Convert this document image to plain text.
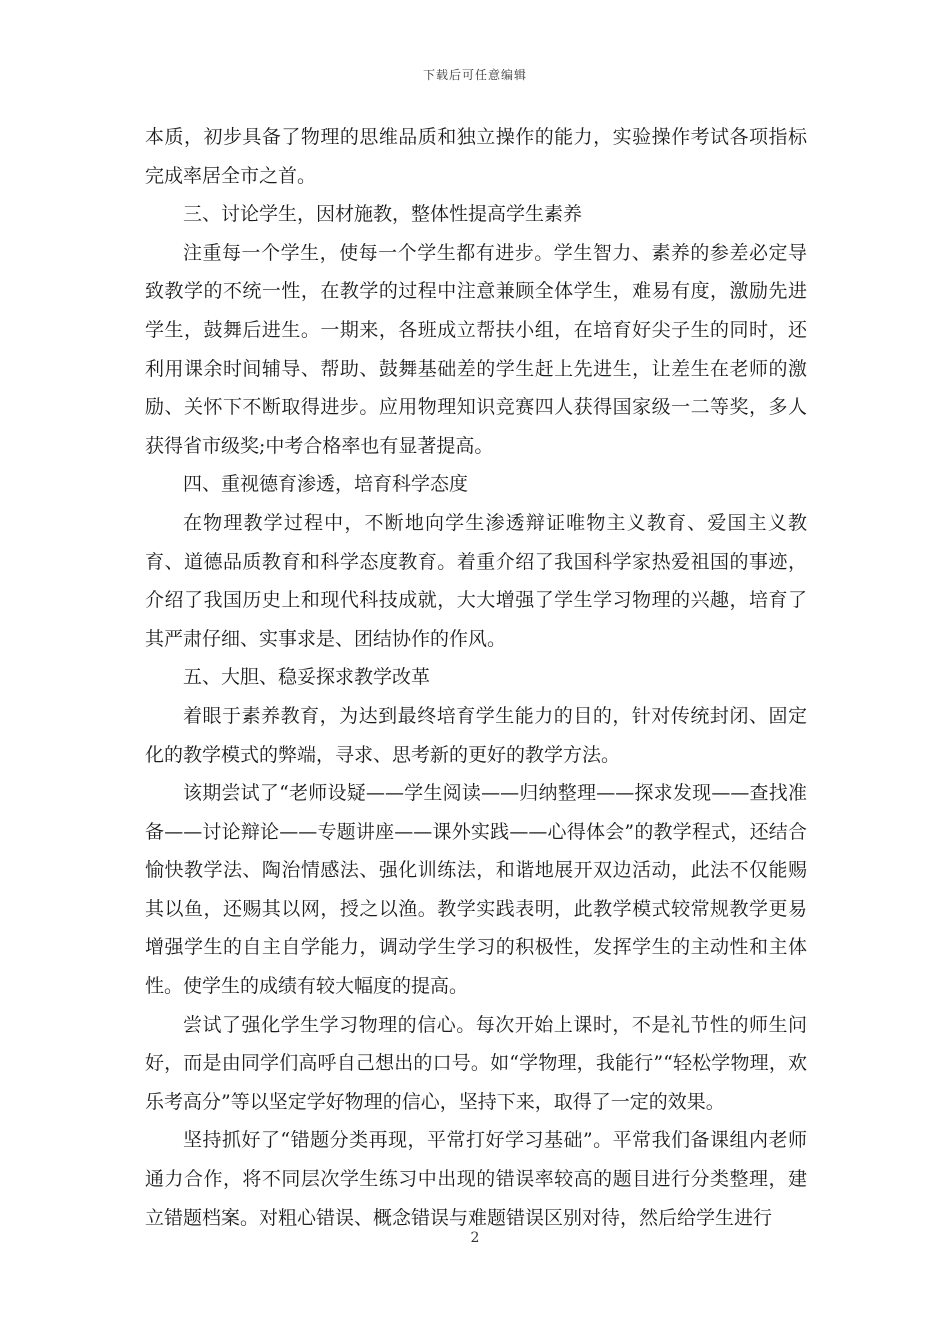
下载后可任意编辑

本质，初步具备了物理的思维品质和独立操作的能力，实验操作考试各项指标完成率居全市之首。

三、讨论学生，因材施教，整体性提高学生素养

注重每一个学生，使每一个学生都有进步。学生智力、素养的参差必定导致教学的不统一性，在教学的过程中注意兼顾全体学生，难易有度，激励先进学生，鼓舞后进生。一期来，各班成立帮扶小组，在培育好尖子生的同时，还利用课余时间辅导、帮助、鼓舞基础差的学生赶上先进生，让差生在老师的激励、关怀下不断取得进步。应用物理知识竞赛四人获得国家级一二等奖，多人获得省市级奖;中考合格率也有显著提高。

四、重视德育渗透，培育科学态度

在物理教学过程中，不断地向学生渗透辩证唯物主义教育、爱国主义教育、道德品质教育和科学态度教育。着重介绍了我国科学家热爱祖国的事迹，介绍了我国历史上和现代科技成就，大大增强了学生学习物理的兴趣，培育了其严肃仔细、实事求是、团结协作的作风。

五、大胆、稳妥探求教学改革

着眼于素养教育，为达到最终培育学生能力的目的，针对传统封闭、固定化的教学模式的弊端，寻求、思考新的更好的教学方法。

该期尝试了“老师设疑——学生阅读——归纳整理——探求发现——查找准备——讨论辩论——专题讲座——课外实践——心得体会”的教学程式，还结合愉快教学法、陶治情感法、强化训练法，和谐地展开双边活动，此法不仅能赐其以鱼，还赐其以网，授之以渔。教学实践表明，此教学模式较常规教学更易增强学生的自主自学能力，调动学生学习的积极性，发挥学生的主动性和主体性。使学生的成绩有较大幅度的提高。

尝试了强化学生学习物理的信心。每次开始上课时，不是礼节性的师生问好，而是由同学们高呼自己想出的口号。如“学物理，我能行”“轻松学物理，欢乐考高分”等以坚定学好物理的信心，坚持下来，取得了一定的效果。

坚持抓好了“错题分类再现，平常打好学习基础”。平常我们备课组内老师通力合作，将不同层次学生练习中出现的错误率较高的题目进行分类整理，建立错题档案。对粗心错误、概念错误与难题错误区别对待，然后给学生进行

2
